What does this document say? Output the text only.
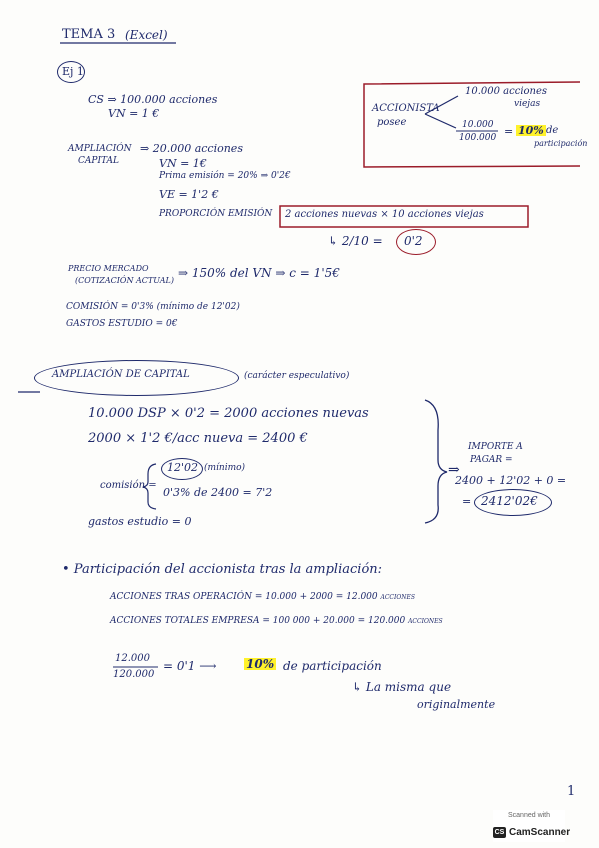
TEMA 3 (Excel)
Ej 1
CS ⇒ 100.000 acciones
VN = 1 €	ACCIONISTA
posee
10.000 acciones
viejas
10.000
100.000 = 10% de
participación
AMPLIACIÓN
CAPITAL
⇒ 20.000 acciones
VN = 1€
Prima emisión = 20% ⇒ 0'2€
VE = 1'2 €
PROPORCIÓN EMISIÓN 2 acciones nuevas × 10 acciones viejas
↳ 2/10 = 0'2
PRECIO MERCADO
(COTIZACIÓN ACTUAL)
⇒ 150% del VN ⇒ c = 1'5€
COMISIÓN = 0'3% (mínimo de 12'02)
GASTOS ESTUDIO = 0€
AMPLIACIÓN DE CAPITAL	(carácter especulativo)
10.000 DSP × 0'2 = 2000 acciones nuevas
2000 × 1'2 €/acc nueva = 2400 €
comisión =
12'02 (mínimo)
0'3% de 2400 = 7'2
gastos estudio = 0
⇒
IMPORTE A
PAGAR =
2400 + 12'02 + 0 =
= 2412'02€
• Participación del accionista tras la ampliación:
ACCIONES TRAS OPERACIÓN = 10.000 + 2000 = 12.000 acciones
ACCIONES TOTALES EMPRESA = 100 000 + 20.000 = 120.000 acciones
12.000
120.000
= 0'1 ⟶ 10% de participación
↳ La misma que
originalmente
1
Scanned with
CS CamScanner
